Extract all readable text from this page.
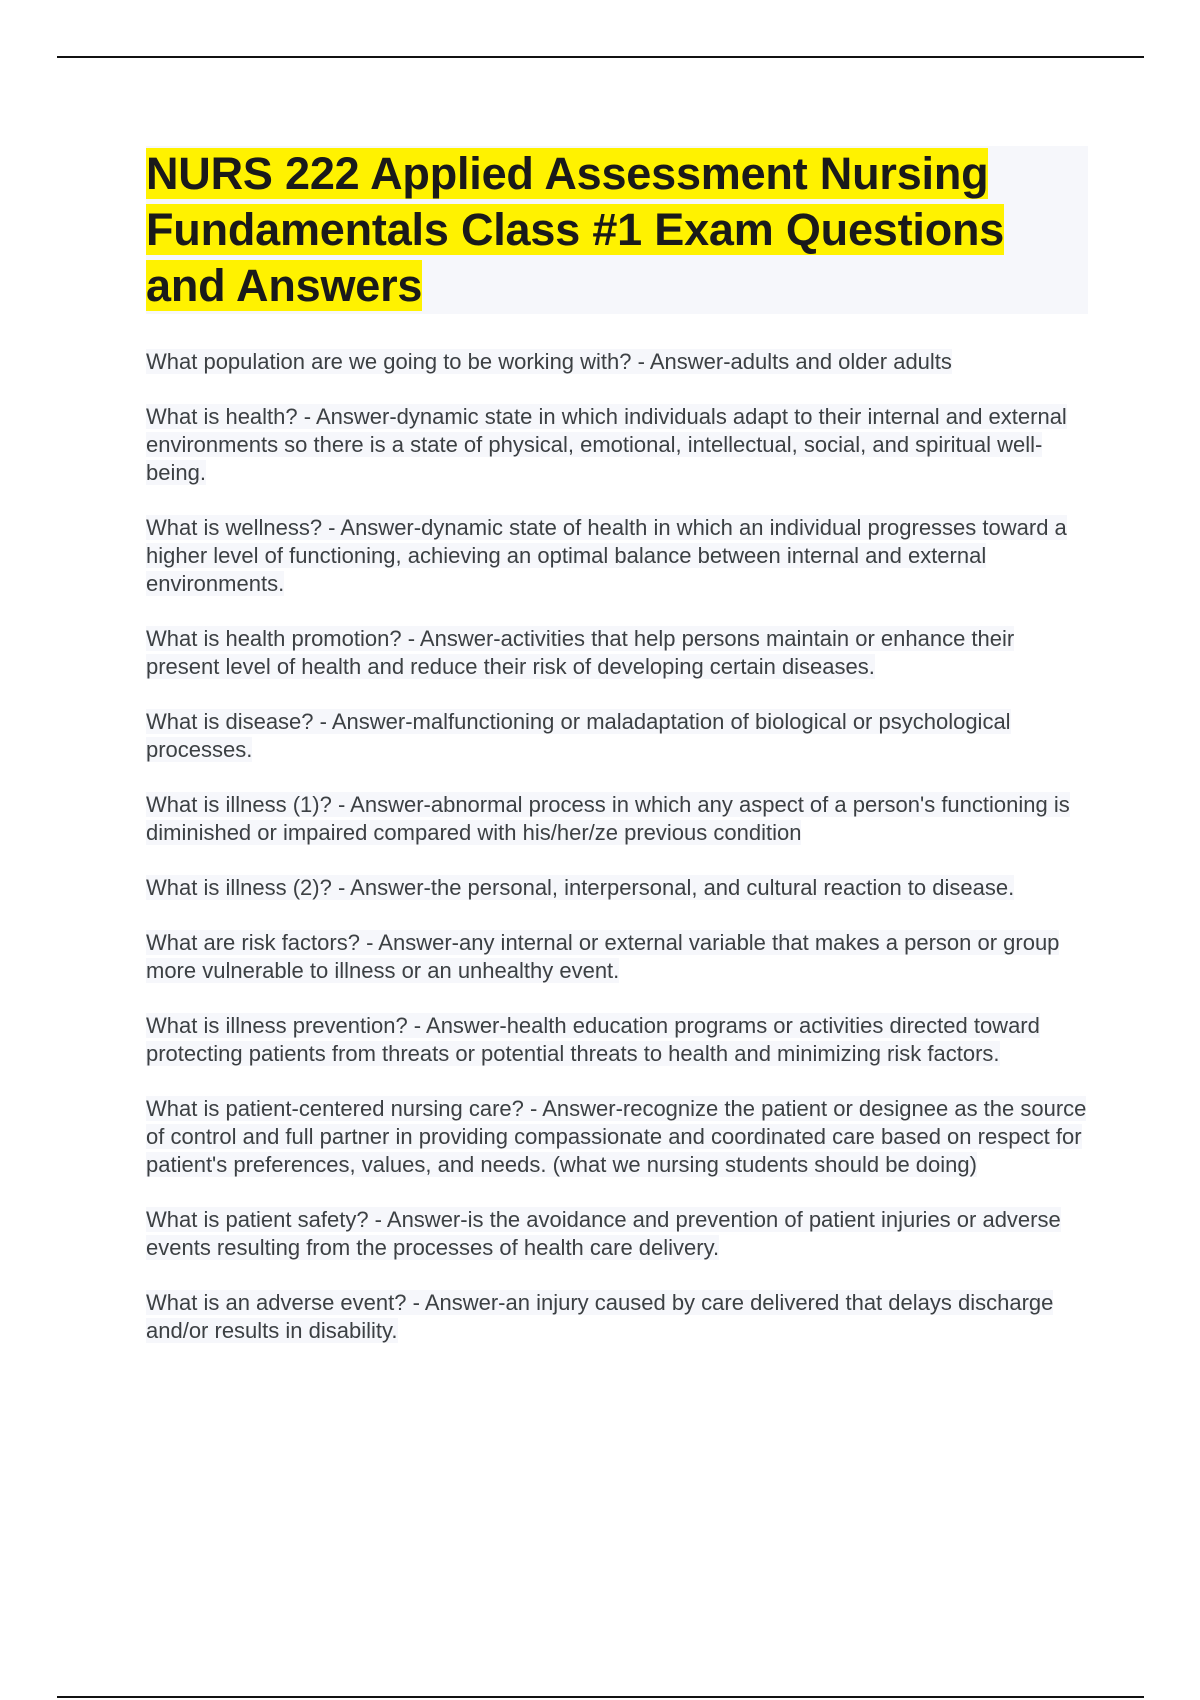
NURS 222 Applied Assessment Nursing Fundamentals Class #1 Exam Questions and Answers
What population are we going to be working with? - Answer-adults and older adults
What is health? - Answer-dynamic state in which individuals adapt to their internal and external environments so there is a state of physical, emotional, intellectual, social, and spiritual well-being.
What is wellness? - Answer-dynamic state of health in which an individual progresses toward a higher level of functioning, achieving an optimal balance between internal and external environments.
What is health promotion? - Answer-activities that help persons maintain or enhance their present level of health and reduce their risk of developing certain diseases.
What is disease? - Answer-malfunctioning or maladaptation of biological or psychological processes.
What is illness (1)? - Answer-abnormal process in which any aspect of a person's functioning is diminished or impaired compared with his/her/ze previous condition
What is illness (2)? - Answer-the personal, interpersonal, and cultural reaction to disease.
What are risk factors? - Answer-any internal or external variable that makes a person or group more vulnerable to illness or an unhealthy event.
What is illness prevention? - Answer-health education programs or activities directed toward protecting patients from threats or potential threats to health and minimizing risk factors.
What is patient-centered nursing care? - Answer-recognize the patient or designee as the source of control and full partner in providing compassionate and coordinated care based on respect for patient's preferences, values, and needs. (what we nursing students should be doing)
What is patient safety? - Answer-is the avoidance and prevention of patient injuries or adverse events resulting from the processes of health care delivery.
What is an adverse event? - Answer-an injury caused by care delivered that delays discharge and/or results in disability.
